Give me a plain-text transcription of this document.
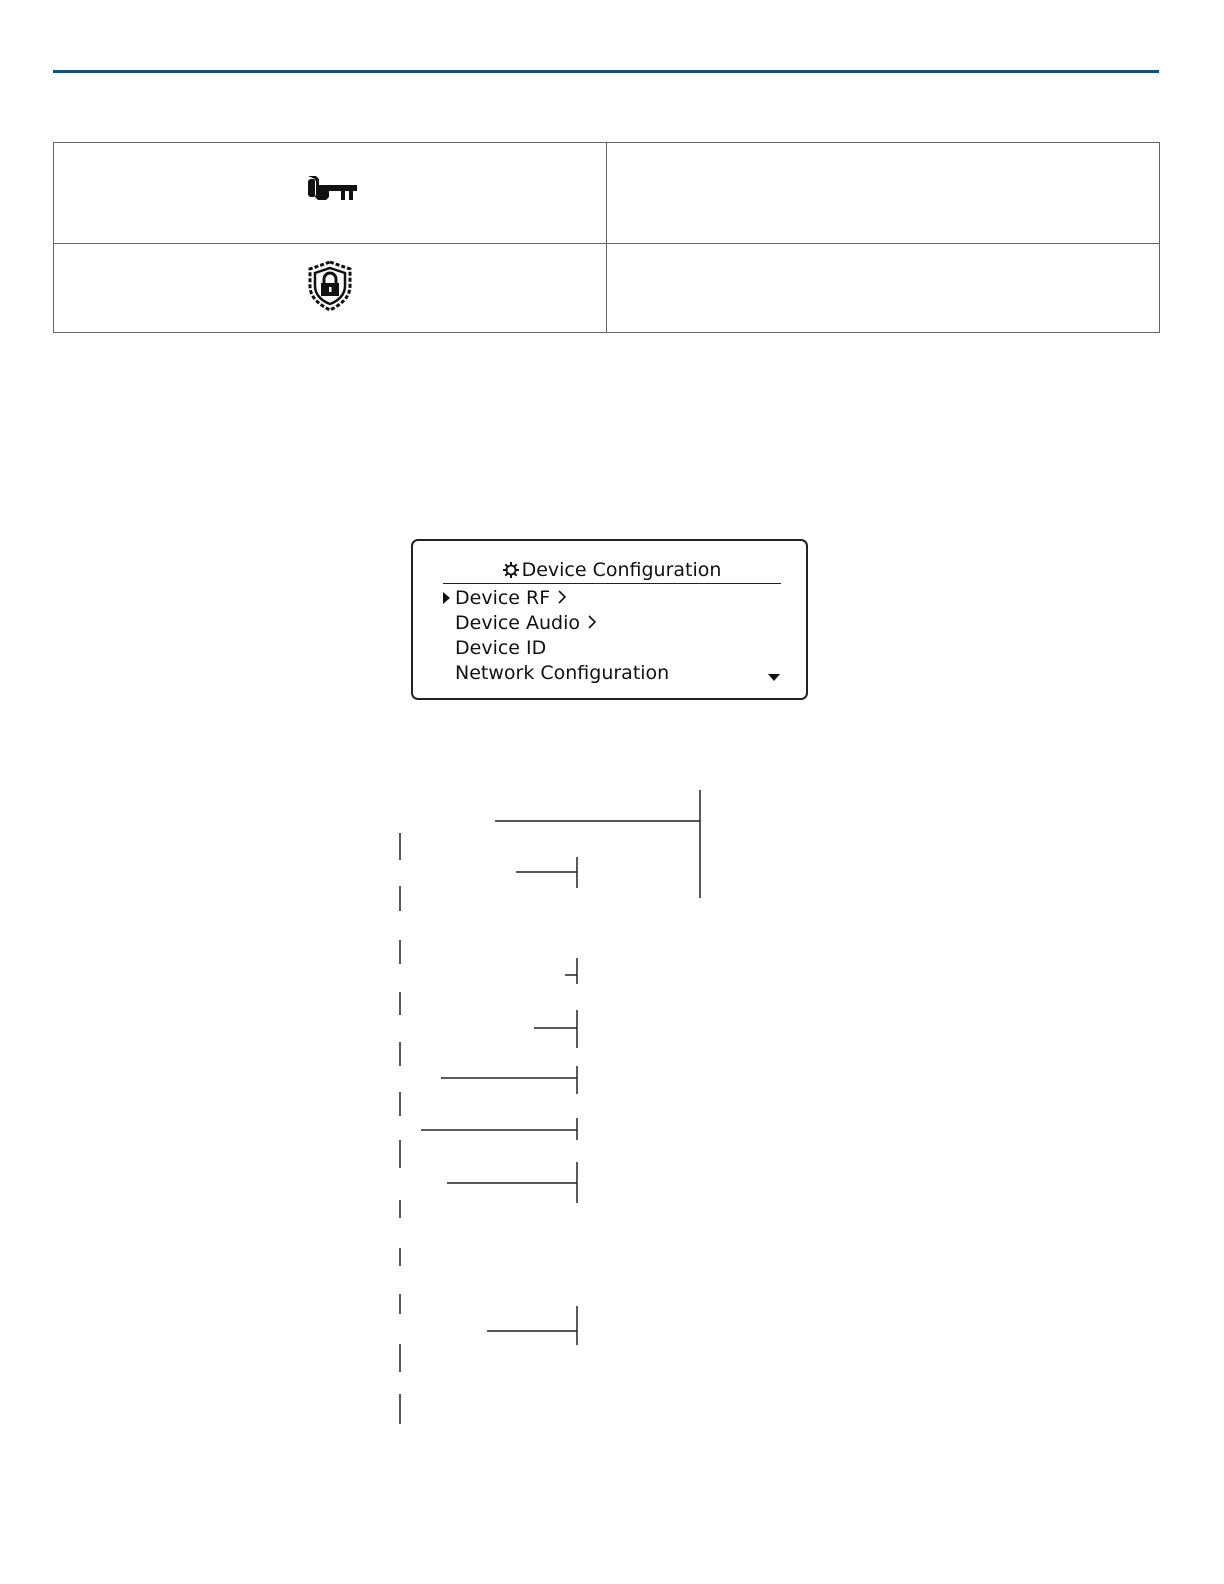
Device Configuration
Device RF
Device Audio
Device ID
Network Configuration
